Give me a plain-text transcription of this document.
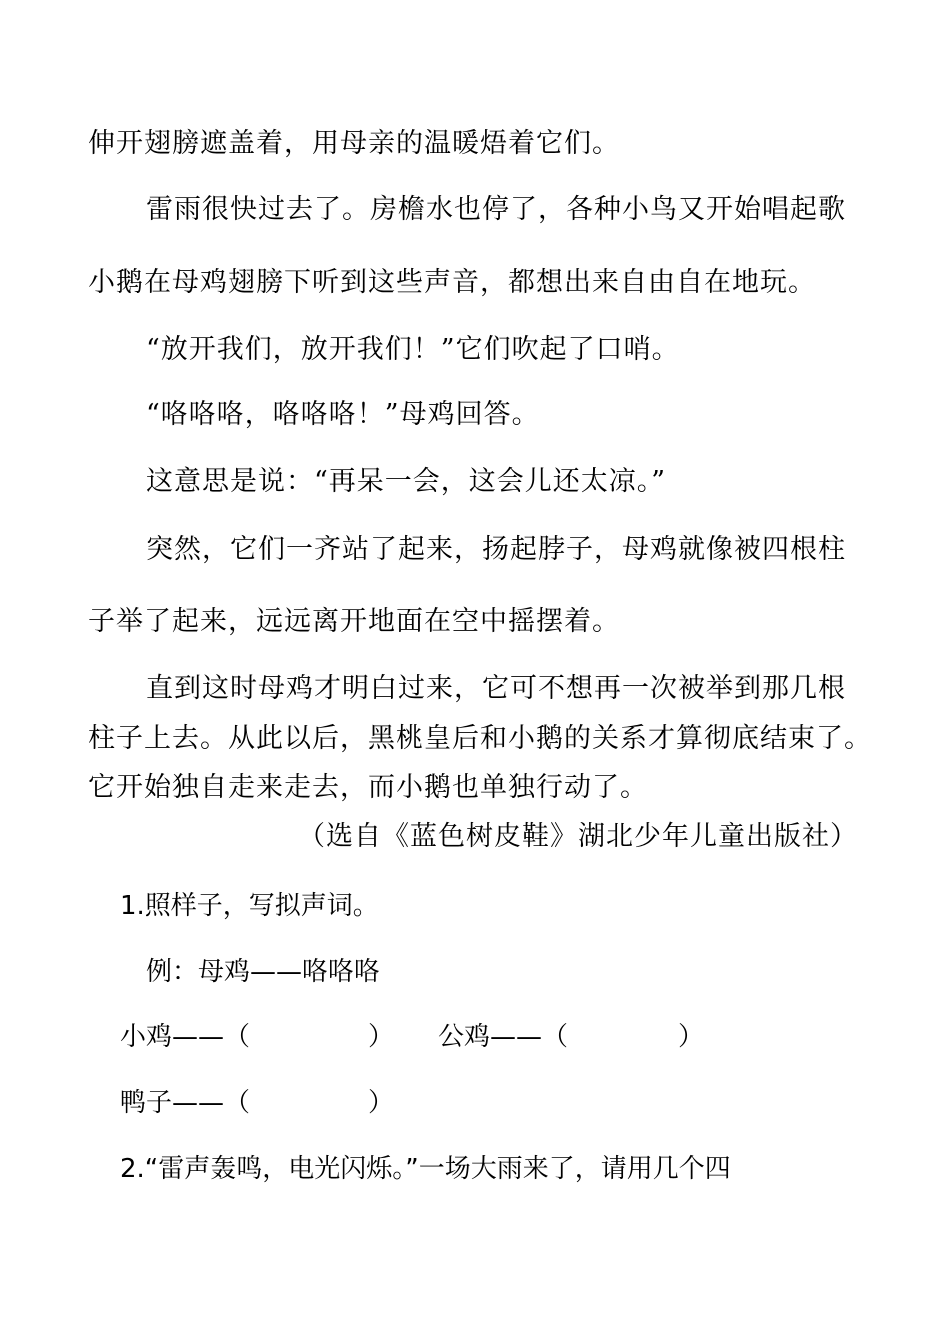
伸开翅膀遮盖着，用母亲的温暖焐着它们。
雷雨很快过去了。房檐水也停了，各种小鸟又开始唱起歌
小鹅在母鸡翅膀下听到这些声音，都想出来自由自在地玩。
“放开我们，放开我们！”它们吹起了口哨。
“咯咯咯，咯咯咯！”母鸡回答。
这意思是说：“再呆一会，这会儿还太凉。”
突然，它们一齐站了起来，扬起脖子，母鸡就像被四根柱
子举了起来，远远离开地面在空中摇摆着。
直到这时母鸡才明白过来，它可不想再一次被举到那几根
柱子上去。从此以后，黑桃皇后和小鹅的关系才算彻底结束了。
它开始独自走来走去，而小鹅也单独行动了。
（选自《蓝色树皮鞋》湖北少年儿童出版社）
1.照样子，写拟声词。
例：母鸡——咯咯咯
小鸡——（	） 公鸡——（	）
鸭子——（	）
2.“雷声轰鸣，电光闪烁。”一场大雨来了，请用几个四
